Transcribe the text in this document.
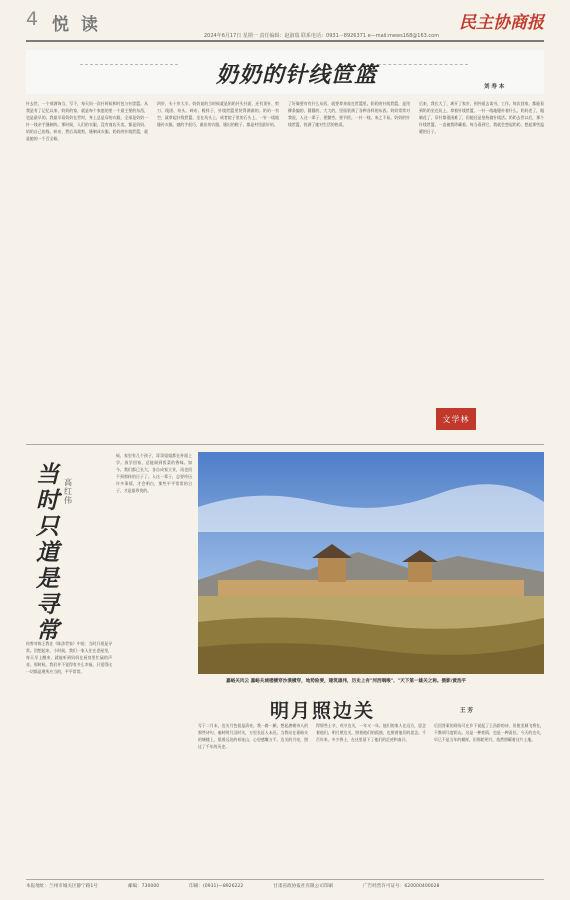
4 悦 读
2024年6月17日 星期一 责任编辑：赵淑瑞 联系电话：0931－8926371 e—mail:mews168@163.com
民主协商报
奶奶的针线笸篮	刘 寿 本
针去世，一个荷满饰当，写不，每天妈一次针时候和时包与针筐篮。从我是有了记忆以来，奶奶的家，就是每个家庭的里一个最主要的东西，也是最早的。我最早看奶奶在世时，身上总是穿的衣服，全部是奶奶一针一线亲手缝制的。那时候，人们的衣服，没有商店买卖，都是妈妈、奶奶自己纺线、织布，然后再裁剪，缝制成衣服。奶奶的针线笸篮，就是她的一个百宝箱。
四岁，头十岁大半。奶奶说的当时候就是奶奶针头针面，还有顶针、剪刀、线团、布头、碎布、鞋样子，针线笸篮里装得满满的。奶奶一有空，就拿起针线笸篮，坐在炕头上，或者院子里的石头上，一针一线地缝补衣服。她的手很巧，做出的衣服，缝出的鞋子，都是村里最好的。
了好像要有有什么东西，就要拿来放在笸篮里。奶奶的针线笸篮，是用柳条编的，圆圆的，大大的，里面装满了各种各样的东西。奶奶常常对我说，人这一辈子，要勤劳，要节俭。一针一线，来之不易。奶奶的针线笸篮，装满了她对生活的热爱。
后来，我长大了，离开了家乡，到外面去读书、工作。每次回家，都能看到奶奶坐在炕上，拿着针线笸篮，一针一线地缝补着什么。奶奶老了，眼睛花了，穿针都很困难了，但她还是坚持做针线活。奶奶去世以后，那个针线笸篮，一直被我珍藏着。每当看到它，我就会想起奶奶，想起那些温暖的日子。
文学林
当时只道是寻常
高 红 伟
你曾对陈王我在《陈涉世家》中说：当时只道是寻常。回想起来，小时候，我们一家人住在老屋里，每天早上醒来，就能听到妈妈在厨房里忙碌的声音。那时候，我们并不觉得有多么幸福，只觉得这一切都是理所应当的，平平常常。
候，家里有几个孩子，哥哥姐姐都在外面上学。放学回家，总能闻到饭菜的香味。如今，我们都已长大，各自成家立业，再也回不到那样的日子了。人这一辈子，总要经历许多事情，才会明白，那些平平常常的日子，才是最珍贵的。
嘉峪关风云 嘉峪关城楼横穿沙漠横穿，地势险要，建筑雄伟，历史上有"河西咽喉"、"天下第一雄关之称。摄影/黄浩平
明月照边关	王 芳
写于二月末，边关月色很是清亮。我一路一颠，想起唐朝诗人的那些诗句，秦时明月汉时关，万里长征人未还。当我站在嘉峪关的城楼上，望着远处的祁连山，心里感慨万千。边关的月亮，照过了千年的历史。
得那些士卒，戍守边关，一年又一年。他们的家人在远方，思念着他们。明月照边关，照着他们的孤独，也照着他们的思念。千百年来，多少将士，在这里留下了他们的足迹和血汗。
后回答案的现场可在乡下说起了王昌龄的诗，但使龙城飞将在，不教胡马度阴山。这是一种豪情，也是一种责任。今天的边关，早已不是当年的模样，但那轮明月，依然照耀着这片土地。
本报地址：兰州市城关区静宁路1号	邮编：730000	印刷：(0931)—8926222	甘肃省政协报社有限公司印刷	广告经营许可证号：620000400028
